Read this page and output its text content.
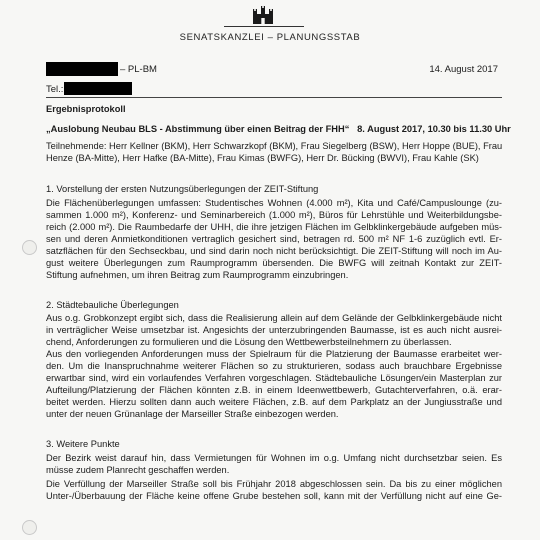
SENATSKANZLEI – PLANUNGSSTAB
– PL-BM	14. August 2017
Tel.:
Ergebnisprotokoll
„Auslobung Neubau BLS - Abstimmung über einen Beitrag der FHH“ 8. August 2017, 10.30 bis 11.30 Uhr
Teilnehmende: Herr Kellner (BKM), Herr Schwarzkopf (BKM), Frau Siegelberg (BSW), Herr Hoppe (BUE), Frau
Henze (BA-Mitte), Herr Hafke (BA-Mitte), Frau Kimas (BWFG), Herr Dr. Bücking (BWVI), Frau Kahle (SK)
1. Vorstellung der ersten Nutzungsüberlegungen der ZEIT-Stiftung
Die Flächenüberlegungen umfassen: Studentisches Wohnen (4.000 m²), Kita und Café/Campuslounge (zu-
sammen 1.000 m²), Konferenz- und Seminarbereich (1.000 m²), Büros für Lehrstühle und Weiterbildungsbe-
reich (2.000 m²). Die Raumbedarfe der UHH, die ihre jetzigen Flächen im Gelbklinkergebäude aufgeben müs-
sen und deren Anmietkonditionen vertraglich gesichert sind, betragen rd. 500 m² NF 1-6 zuzüglich evtl. Er-
satzflächen für den Sechseckbau, und sind darin noch nicht berücksichtigt. Die ZEIT-Stiftung will noch im Au-
gust weitere Überlegungen zum Raumprogramm übersenden. Die BWFG will zeitnah Kontakt zur ZEIT-
Stiftung aufnehmen, um ihren Beitrag zum Raumprogramm einzubringen.
2. Städtebauliche Überlegungen
Aus o.g. Grobkonzept ergibt sich, dass die Realisierung allein auf dem Gelände der Gelbklinkergebäude nicht
in verträglicher Weise umsetzbar ist. Angesichts der unterzubringenden Baumasse, ist es auch nicht ausrei-
chend, Anforderungen zu formulieren und die Lösung den Wettbewerbsteilnehmern zu überlassen.
Aus den vorliegenden Anforderungen muss der Spielraum für die Platzierung der Baumasse erarbeitet wer-
den. Um die Inanspruchnahme weiterer Flächen so zu strukturieren, sodass auch brauchbare Ergebnisse
erwartbar sind, wird ein vorlaufendes Verfahren vorgeschlagen. Städtebauliche Lösungen/ein Masterplan zur
Aufteilung/Platzierung der Flächen könnten z.B. in einem Ideenwettbewerb, Gutachterverfahren, o.ä. erar-
beitet werden. Hierzu sollten dann auch weitere Flächen, z.B. auf dem Parkplatz an der Jungiusstraße und
unter der neuen Grünanlage der Marseiller Straße einbezogen werden.
3. Weitere Punkte
Der Bezirk weist darauf hin, dass Vermietungen für Wohnen im o.g. Umfang nicht durchsetzbar seien. Es
müsse zudem Planrecht geschaffen werden.
Die Verfüllung der Marseiller Straße soll bis Frühjahr 2018 abgeschlossen sein. Da bis zu einer möglichen
Unter-/Überbauung der Fläche keine offene Grube bestehen soll, kann mit der Verfüllung nicht auf eine Ge-
